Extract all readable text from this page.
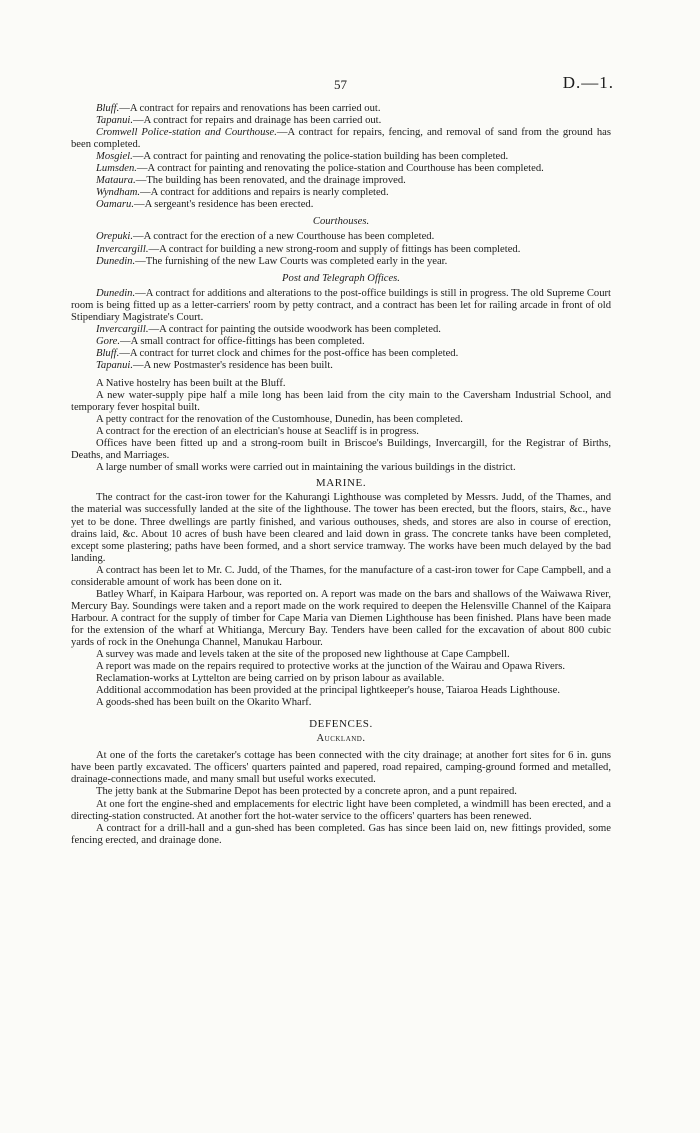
57	D.—1.

Bluff.—A contract for repairs and renovations has been carried out.

Tapanui.—A contract for repairs and drainage has been carried out.

Cromwell Police-station and Courthouse.—A contract for repairs, fencing, and removal of sand from the ground has been completed.

Mosgiel.—A contract for painting and renovating the police-station building has been completed.

Lumsden.—A contract for painting and renovating the police-station and Courthouse has been completed.

Mataura.—The building has been renovated, and the drainage improved.

Wyndham.—A contract for additions and repairs is nearly completed.

Oamaru.—A sergeant's residence has been erected.

Courthouses.

Orepuki.—A contract for the erection of a new Courthouse has been completed.

Invercargill.—A contract for building a new strong-room and supply of fittings has been completed.

Dunedin.—The furnishing of the new Law Courts was completed early in the year.

Post and Telegraph Offices.

Dunedin.—A contract for additions and alterations to the post-office buildings is still in progress. The old Supreme Court room is being fitted up as a letter-carriers' room by petty contract, and a contract has been let for railing arcade in front of old Stipendiary Magistrate's Court.

Invercargill.—A contract for painting the outside woodwork has been completed.

Gore.—A small contract for office-fittings has been completed.

Bluff.—A contract for turret clock and chimes for the post-office has been completed.

Tapanui.—A new Postmaster's residence has been built.

A Native hostelry has been built at the Bluff.

A new water-supply pipe half a mile long has been laid from the city main to the Caversham Industrial School, and temporary fever hospital built.

A petty contract for the renovation of the Customhouse, Dunedin, has been completed.

A contract for the erection of an electrician's house at Seacliff is in progress.

Offices have been fitted up and a strong-room built in Briscoe's Buildings, Invercargill, for the Registrar of Births, Deaths, and Marriages.

A large number of small works were carried out in maintaining the various buildings in the district.

MARINE.

The contract for the cast-iron tower for the Kahurangi Lighthouse was completed by Messrs. Judd, of the Thames, and the material was successfully landed at the site of the lighthouse. The tower has been erected, but the floors, stairs, &c., have yet to be done. Three dwellings are partly finished, and various outhouses, sheds, and stores are also in course of erection, drains laid, &c. About 10 acres of bush have been cleared and laid down in grass. The concrete tanks have been completed, except some plastering; paths have been formed, and a short service tramway. The works have been much delayed by the bad landing.

A contract has been let to Mr. C. Judd, of the Thames, for the manufacture of a cast-iron tower for Cape Campbell, and a considerable amount of work has been done on it.

Batley Wharf, in Kaipara Harbour, was reported on. A report was made on the bars and shallows of the Waiwawa River, Mercury Bay. Soundings were taken and a report made on the work required to deepen the Helensville Channel of the Kaipara Harbour. A contract for the supply of timber for Cape Maria van Diemen Lighthouse has been finished. Plans have been made for the extension of the wharf at Whitianga, Mercury Bay. Tenders have been called for the excavation of about 800 cubic yards of rock in the Onehunga Channel, Manukau Harbour.

A survey was made and levels taken at the site of the proposed new lighthouse at Cape Campbell.

A report was made on the repairs required to protective works at the junction of the Wairau and Opawa Rivers.

Reclamation-works at Lyttelton are being carried on by prison labour as available.

Additional accommodation has been provided at the principal lightkeeper's house, Taiaroa Heads Lighthouse.

A goods-shed has been built on the Okarito Wharf.

DEFENCES.
Auckland.

At one of the forts the caretaker's cottage has been connected with the city drainage; at another fort sites for 6 in. guns have been partly excavated. The officers' quarters painted and papered, road repaired, camping-ground formed and metalled, drainage-connections made, and many small but useful works executed.

The jetty bank at the Submarine Depot has been protected by a concrete apron, and a punt repaired.

At one fort the engine-shed and emplacements for electric light have been completed, a windmill has been erected, and a directing-station constructed. At another fort the hot-water service to the officers' quarters has been renewed.

A contract for a drill-hall and a gun-shed has been completed. Gas has since been laid on, new fittings provided, some fencing erected, and drainage done.
